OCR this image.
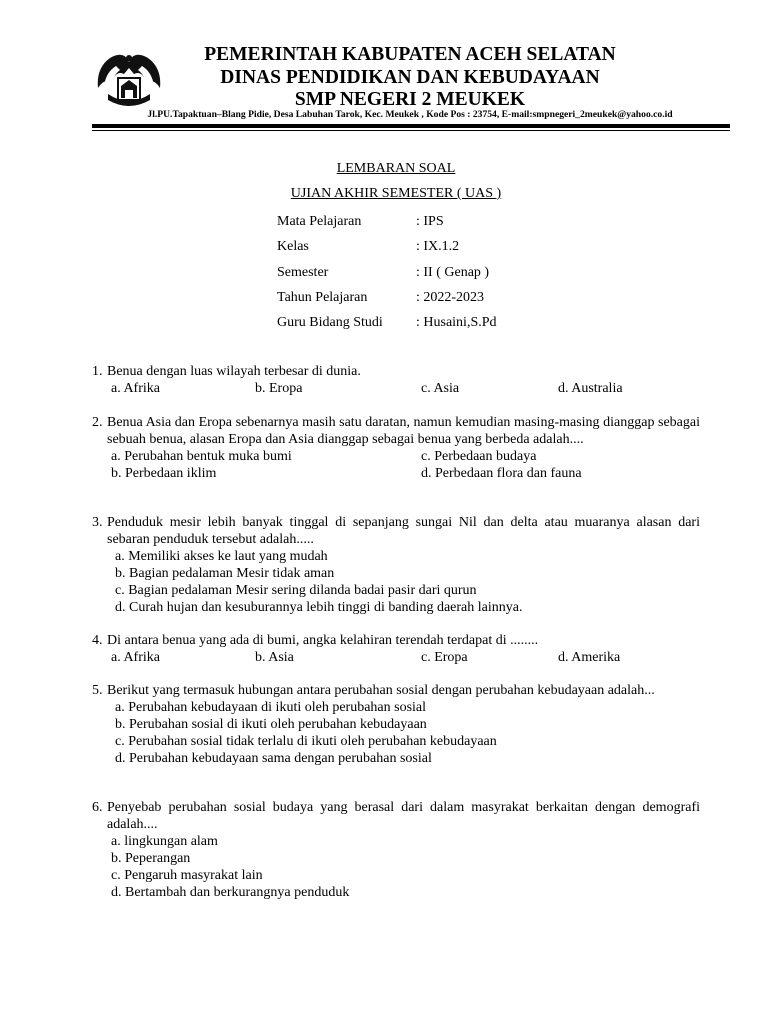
PEMERINTAH KABUPATEN ACEH SELATAN
DINAS PENDIDIKAN DAN KEBUDAYAAN
SMP NEGERI 2 MEUKEK
Jl.PU.Tapaktuan–Blang Pidie, Desa Labuhan Tarok, Kec. Meukek , Kode Pos : 23754, E-mail:smpnegeri_2meukek@yahoo.co.id
LEMBARAN SOAL
UJIAN AKHIR SEMESTER ( UAS )
Mata Pelajaran	: IPS
Kelas	: IX.1.2
Semester	: II ( Genap )
Tahun Pelajaran	: 2022-2023
Guru Bidang Studi : Husaini,S.Pd
1. Benua dengan luas wilayah terbesar di dunia.
a. Afrika	b. Eropa	c. Asia	d. Australia
2. Benua Asia dan Eropa sebenarnya masih satu daratan, namun kemudian masing-masing dianggap sebagai sebuah benua, alasan Eropa dan Asia dianggap sebagai benua yang berbeda adalah....
a. Perubahan bentuk muka bumi	c. Perbedaan budaya
b. Perbedaan iklim	d. Perbedaan flora dan fauna
3. Penduduk mesir lebih banyak tinggal di sepanjang sungai Nil dan delta atau muaranya alasan dari sebaran penduduk tersebut adalah.....
a. Memiliki akses ke laut yang mudah
b. Bagian pedalaman Mesir tidak aman
c. Bagian pedalaman Mesir sering dilanda badai pasir dari qurun
d. Curah hujan dan kesuburannya lebih tinggi di banding daerah lainnya.
4. Di antara benua yang ada di bumi, angka kelahiran terendah terdapat di ........
a. Afrika	b. Asia	c. Eropa	d. Amerika
5. Berikut yang termasuk hubungan antara perubahan sosial dengan perubahan kebudayaan adalah...
a. Perubahan kebudayaan di ikuti oleh perubahan sosial
b. Perubahan sosial di ikuti oleh perubahan kebudayaan
c. Perubahan sosial tidak terlalu di ikuti oleh perubahan kebudayaan
d. Perubahan kebudayaan sama dengan perubahan sosial
6. Penyebab perubahan sosial budaya yang berasal dari dalam masyrakat berkaitan dengan demografi adalah....
a. lingkungan alam
b. Peperangan
c. Pengaruh masyrakat lain
d. Bertambah dan berkurangnya penduduk
